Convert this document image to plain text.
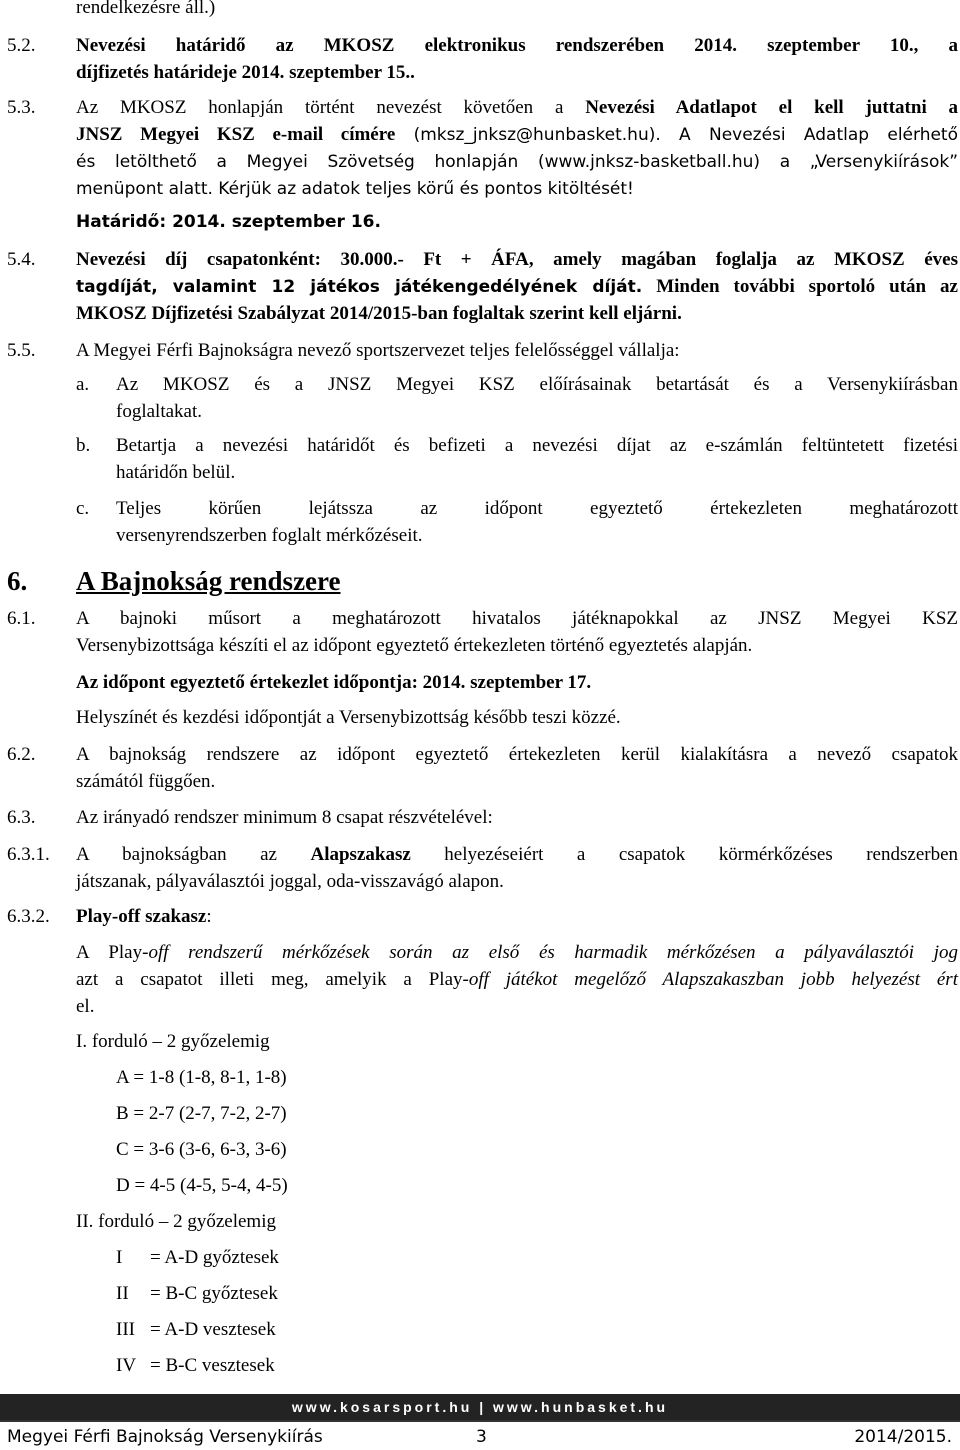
rendelkezésre áll.)
5.2. Nevezési határidő az MKOSZ elektronikus rendszerében 2014. szeptember 10., a
díjfizetés határideje 2014. szeptember 15..
5.3. Az MKOSZ honlapján történt nevezést követően a Nevezési Adatlapot el kell juttatni a
JNSZ Megyei KSZ e-mail címére (mksz_jnksz@hunbasket.hu). A Nevezési Adatlap elérhető
és letölthető a Megyei Szövetség honlapján (www.jnksz-basketball.hu) a „Versenykiírások”
menüpont alatt. Kérjük az adatok teljes körű és pontos kitöltését!
Határidő: 2014. szeptember 16.
5.4. Nevezési díj csapatonként: 30.000.- Ft + ÁFA, amely magában foglalja az MKOSZ éves
tagdíját, valamint 12 játékos játékengedélyének díját. Minden további sportoló után az
MKOSZ Díjfizetési Szabályzat 2014/2015-ban foglaltak szerint kell eljárni.
5.5. A Megyei Férfi Bajnokságra nevező sportszervezet teljes felelősséggel vállalja:
a. Az MKOSZ és a JNSZ Megyei KSZ előírásainak betartását és a Versenykiírásban
foglaltakat.
b. Betartja a nevezési határidőt és befizeti a nevezési díjat az e-számlán feltüntetett fizetési
határidőn belül.
c. Teljes körűen lejátssza az időpont egyeztető értekezleten meghatározott
versenyrendszerben foglalt mérkőzéseit.
6. A Bajnokság rendszere
6.1. A bajnoki műsort a meghatározott hivatalos játéknapokkal az JNSZ Megyei KSZ
Versenybizottsága készíti el az időpont egyeztető értekezleten történő egyeztetés alapján.
Az időpont egyeztető értekezlet időpontja: 2014. szeptember 17.
Helyszínét és kezdési időpontját a Versenybizottság később teszi közzé.
6.2. A bajnokság rendszere az időpont egyeztető értekezleten kerül kialakításra a nevező csapatok
számától függően.
6.3. Az irányadó rendszer minimum 8 csapat részvételével:
6.3.1. A bajnokságban az Alapszakasz helyezéseiért a csapatok körmérkőzéses rendszerben
játszanak, pályaválasztói joggal, oda-visszavágó alapon.
6.3.2. Play-off szakasz:
A Play-off rendszerű mérkőzések során az első és harmadik mérkőzésen a pályaválasztói jog
azt a csapatot illeti meg, amelyik a Play-off játékot megelőző Alapszakaszban jobb helyezést ért
el.
I. forduló – 2 győzelemig
A = 1-8 (1-8, 8-1, 1-8)
B = 2-7 (2-7, 7-2, 2-7)
C = 3-6 (3-6, 6-3, 3-6)
D = 4-5 (4-5, 5-4, 4-5)
II. forduló – 2 győzelemig
I = A-D győztesek
II = B-C győztesek
III = A-D vesztesek
IV = B-C vesztesek
www.kosarsport.hu | www.hunbasket.hu
Megyei Férfi Bajnokság Versenykiírás	3	2014/2015.
